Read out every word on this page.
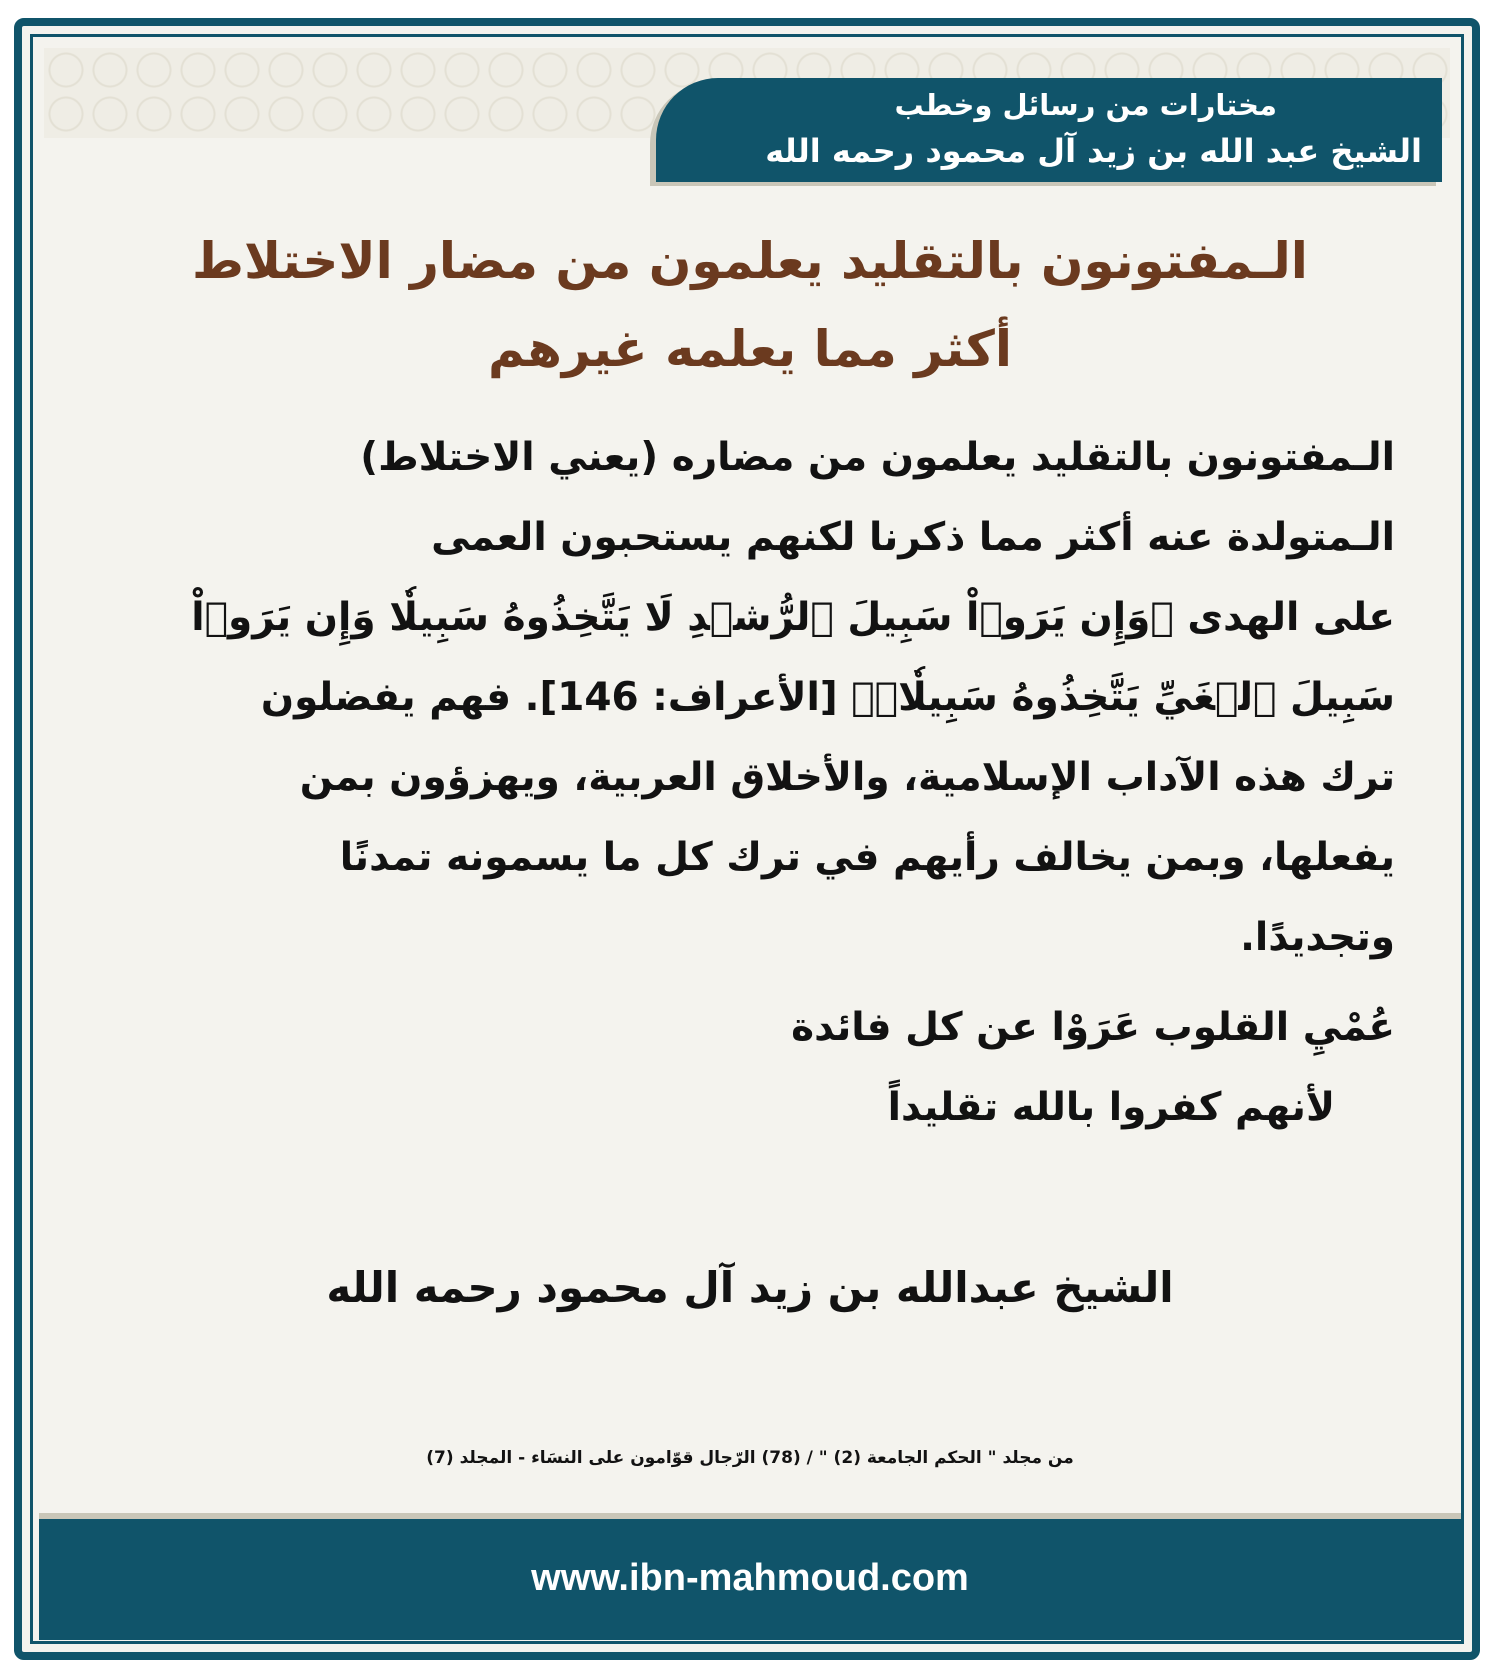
مختارات من رسائل وخطب
الشيخ عبد الله بن زيد آل محمود رحمه الله
الـمفتونون بالتقليد يعلمون من مضار الاختلاط
أكثر مما يعلمه غيرهم
الـمفتونون بالتقليد يعلمون من مضاره (يعني الاختلاط)
الـمتولدة عنه أكثر مما ذكرنا لكنهم يستحبون العمى
على الهدى ﴿وَإِن يَرَوۡاْ سَبِيلَ ٱلرُّشۡدِ لَا يَتَّخِذُوهُ سَبِيلٗا وَإِن يَرَوۡاْ
سَبِيلَ ٱلۡغَيِّ يَتَّخِذُوهُ سَبِيلٗاۚ﴾ [الأعراف: 146]. فهم يفضلون
ترك هذه الآداب الإسلامية، والأخلاق العربية، ويهزؤون بمن
يفعلها، وبمن يخالف رأيهم في ترك كل ما يسمونه تمدنًا
وتجديدًا.
عُمْيِ القلوب عَرَوْا عن كل فائدة
لأنهم كفروا بالله تقليداً
الشيخ عبدالله بن زيد آل محمود رحمه الله
من مجلد " الحكم الجامعة (2) " / (78) الرّجال قوّامون على النسَاء - المجلد (7)
www.ibn-mahmoud.com
